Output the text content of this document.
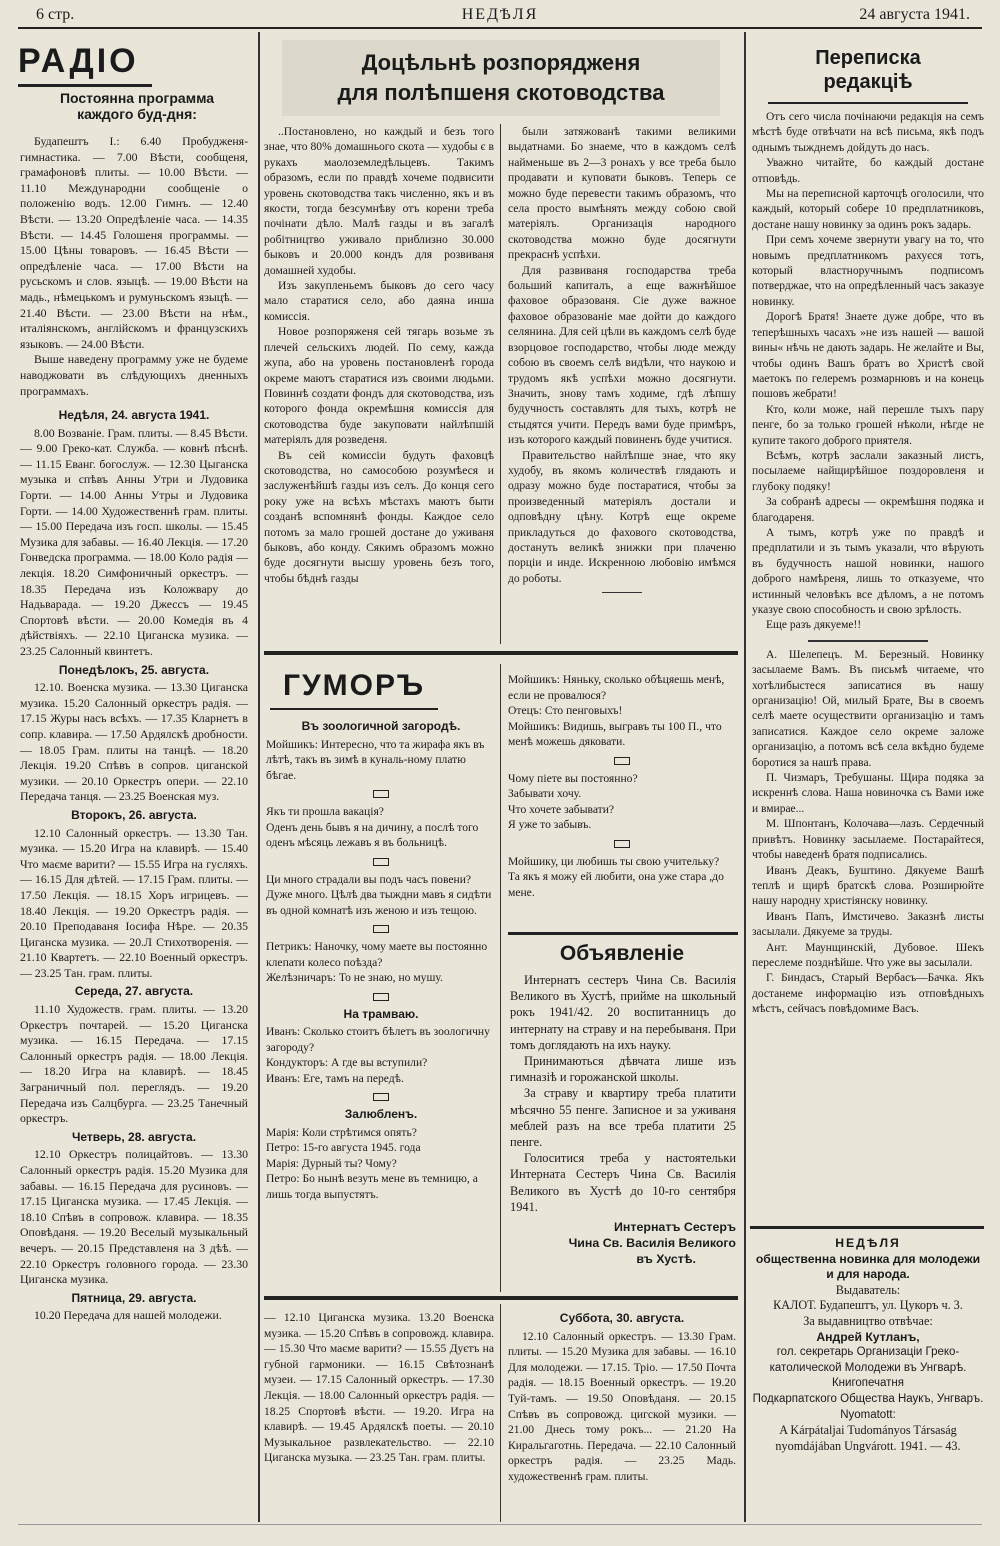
6 стр.	НЕДѢЛЯ	24 августа 1941.
РАДІО
Постоянна программа
каждого буд-дня:

Будапештъ I.: 6.40 Пробудженя-гимнастика. — 7.00 Вѣсти, сообщеня, грамафоновѣ плиты. — 10.00 Вѣсти. — 11.10 Международни сообщенiе о положенiю водъ. 12.00 Гимнъ. — 12.40 Вѣсти. — 13.20 Опредѣленiе часа. — 14.35 Вѣсти. — 14.45 Голошеня программы. — 15.00 Цѣны товаровъ. — 16.45 Вѣсти — опредѣленiе часа. — 17.00 Вѣсти на русьскомъ и слов. языцѣ. — 19.00 Вѣсти на мадь., нѣмецькомъ и румуньскомъ языцѣ. — 21.40 Вѣсти. — 23.00 Вѣсти на нѣм., италiянскомъ, англiйскомъ и французскихъ языковъ. — 24.00 Вѣсти.

Выше наведену программу уже не будеме наводжовати въ слѣдующихъ дненныхъ программахъ.

Недѣля, 24. августа 1941.

8.00 Возванiе. Грам. плиты. — 8.45 Вѣсти. — 9.00 Греко-кат. Служба. — ковнѣ пѣснѣ. — 11.15 Еванг. богослуж. — 12.30 Цыганска музыка и спѣвъ Анны Утри и Лудовика Горти. — 14.00 Анны Утры и Лудовика Горти. — 14.00 Художественнѣ грам. плиты. — 15.00 Передача изъ госп. школы. — 15.45 Музика для забавы. — 16.40 Лекція. — 17.20 Гонведска программа. — 18.00 Коло радія — лекція. 18.20 Симфоничный оркестръ. — 18.35 Передача изъ Коложвару до Надьварада. — 19.20 Джессъ — 19.45 Спортовѣ вѣсти. — 20.00 Комедія въ 4 дѣйствіяхъ. — 22.10 Циганска музика. — 23.25 Салонный квинтетъ.

Понедѣлокъ, 25. августа.

12.10. Военска музика. — 13.30 Циганска музика. 15.20 Салонный оркестръ радія. — 17.15 Журы насъ всѣхъ. — 17.35 Кларнетъ в сопр. клавира. — 17.50 Ардялскѣ дробности. — 18.05 Грам. плиты на танцѣ. — 18.20 Лекція. 19.20 Спѣвъ в сопров. циганской музики. — 20.10 Оркестръ опери. — 22.10 Передача танця. — 23.25 Военская муз.

Второкъ, 26. августа.

12.10 Салонный оркестръ. — 13.30 Тан. музика. — 15.20 Игра на клавирѣ. — 15.40 Что маєме варити? — 15.55 Игра на гусляхъ. — 16.15 Для дѣтей. — 17.15 Грам. плиты. — 17.50 Лекція. — 18.15 Хоръ игрицевъ. — 18.40 Лекція. — 19.20 Оркестръ радія. — 20.10 Преподаваня Іосифа Нѣре. — 20.35 Циганска музика. — 20.Л Стихотворенія. — 21.10 Квартетъ. — 22.10 Военный оркестръ. — 23.25 Тан. грам. плиты.

Середа, 27. августа.

11.10 Художеств. грам. плиты. — 13.20 Оркестръ почтарей. — 15.20 Циганска музика. — 16.15 Передача. — 17.15 Салонный оркестръ радія. — 18.00 Лекція. — 18.20 Игра на клавирѣ. — 18.45 Заграничный пол. переглядъ. — 19.20 Передача изъ Салцбурга. — 23.25 Танечный оркестръ.

Четверь, 28. августа.

12.10 Оркестръ полицайтовъ. — 13.30 Салонный оркестръ радія. 15.20 Музика для забавы. — 16.15 Передача для русиновъ. — 17.15 Циганска музика. — 17.45 Лекція. — 18.10 Спѣвъ в сопровож. клавира. — 18.35 Оповѣданя. — 19.20 Веселый музыкальный вечеръ. — 20.15 Представленя на 3 дѣѣ. — 22.10 Оркестръ головного города. — 23.30 Циганска музика.

Пятница, 29. августа.

10.20 Передача для нашей молодежи.

Доцѣльнѣ розпорядженя
для полѣпшеня скотоводства

..Постановлено, но каждый и безъ того знае, что 80% домашнього скота — худобы є в рукахъ маолоземледѣльцевъ. Такимъ образомъ, если по правдѣ хочеме подвисити уровень скотоводства такъ численно, якъ и въ якости, тогда безсумнѣву отъ корени треба почінати дѣло. Малѣ газды и въ загалѣ робітництво уживало приблизно 30.000 быковъ и 20.000 кондъ для розвиваня домашней худобы.

Изъ закупленьемъ быковъ до сего часу мало старатися село, або даяна инша комиссія.

Новое розпоряженя сей тягарь возьме зъ плечей сельскихъ людей. По сему, кажда жупа, або на уровень постановленѣ города окреме маютъ старатися изъ своими людьми. Повиннѣ создати фондъ для скотоводства, изъ которого фонда окремѣшня комиссія для скотоводства буде закуповати найлѣпшій матеріялъ для розведеня.

Въ сей комиссіи будуть фаховцѣ скотоводства, но самособою розумѣеся и заслуженѣйшѣ газды изъ селъ. До конця сего року уже на всѣхъ мѣстахъ маютъ быти созданѣ вспомнянѣ фонды. Каждое село потомъ за мало грошей достане до уживаня быковъ, або конду. Сякимъ образомъ можно буде досягнути высшу уровень безъ того, чтобы бѣднѣ газды

были затяжованѣ такими великими выдатнами. Бо знаеме, что в каждомъ селѣ найменьше въ 2—3 ронахъ у все треба было продавати и куповати быковъ. Теперь се можно буде перевести такимъ образомъ, что села просто вымѣнять между собою свой матеріялъ. Организація народного скотоводства можно буде досягнути прекраснѣ успѣхи.

Для развиваня господарства треба больший капиталъ, а еще важнѣйшое фаховое образованя. Сіе дуже важное фаховое образованіе мае дойти до каждого селянина. Для сей цѣли въ каждомъ селѣ буде взорцовое господарство, чтобы люде между собою въ своемъ селѣ видѣли, что наукою и трудомъ якѣ успѣхи можно досягнути. Значить, знову тамъ ходиме, гдѣ лѣпшу будучность составлять для тыхъ, котрѣ не стыдятся учити. Передъ вами буде примѣръ, изъ которого каждый повиненъ буде учитися.

Правительство найлѣпше знае, что яку худобу, въ якомъ количествѣ глядають и одразу можно буде постаратися, чтобы за произведенный матеріялъ достали и одповѣдну цѣну. Котрѣ еще окреме прикладуться до фахового скотоводства, достануть великѣ знижки при плаченю порціи и инде. Искренною любовію имѣмся до роботы.

ГУМОРЪ
Въ зоологичной загородѣ.

Мойшикъ: Интересно, что та жирафа якъ въ лѣтѣ, такъ въ зимѣ в куналь-ному платю бѣгае.

Якъ ти прошла вакація?

Оденъ день бывъ я на дичину, а послѣ того оденъ мѣсяць лежавъ я въ больницѣ.

Ци много страдали вы подъ часъ повени?

Дуже много. Цѣлѣ два тыждни мавъ я сидѣти въ одной комнатѣ изъ женою и изъ тещою.

Петрикъ: Наночку, чому маете вы постоянно клепати колесо поѣзда?

Желѣзничаръ: То не знаю, но мушу.

На трамваю.

Иванъ: Сколько стоитъ бѣлетъ въ зоологичну загороду?

Кондукторъ: А где вы вступили?

Иванъ: Еге, тамъ на передѣ.

Залюбленъ.

Марія: Коли стрѣтимся опять?

Петро: 15-го августа 1945. года

Марія: Дурный ты? Чому?

Петро: Бо нынѣ везуть мене въ темницю, а лишь тогда выпустятъ.

Мойшикъ: Няньку, сколько обѣцяешь менѣ, если не провалюся?

Отецъ: Сто пенговыхъ!

Мойшикъ: Видишь, выгравъ ты 100 П., что менѣ можешь дяковати.

Чому піете вы постоянно?

Забывати хочу.

Что хочете забывати?

Я уже то забывъ.

Мойшику, ци любишь ты свою учительку?

Та якъ я можу ей любити, она уже стара ,до мене.

Объявленіе

Интернатъ сестеръ Чина Св. Василія Великого въ Хустѣ, прийме на школьный рокъ 1941/42. 20 воспитанницъ до интернату на страву и на перебываня. При томъ доглядають на ихъ науку.

Принимаються дѣвчата лише изъ гимназіѣ и горожанской школы.

За страву и квартиру треба платити мѣсячно 55 пенге. Записное и за уживаня меблей разъ на все треба платити 25 пенге.

Голоситися треба у настоятельки Интерната Сестеръ Чина Св. Василія Великого въ Хустѣ до 10-го сентября 1941.

Интернатъ Сестеръ
Чина Св. Василія Великого
въ Хустѣ.

— 12.10 Циганска музика. 13.20 Военска музика. — 15.20 Спѣвъ в сопровожд. клавира. — 15.30 Что маєме варити? — 15.55 Дуєтъ на губной гармоники. — 16.15 Свѣтознанѣ музеи. — 17.15 Салонный оркестръ. — 17.30 Лекція. — 18.00 Салонный оркестръ радія. — 18.25 Спортовѣ вѣсти. — 19.20. Игра на клавирѣ. — 19.45 Ардялскѣ поеты. — 20.10 Музыкальное развлекательство. — 22.10 Циганска музыка. — 23.25 Тан. грам. плиты.

Суббота, 30. августа.

12.10 Салонный оркестръ. — 13.30 Грам. плиты. — 15.20 Музика для забавы. — 16.10 Для молодежи. — 17.15. Тріо. — 17.50 Почта радія. — 18.15 Военный оркестръ. — 19.20 Туй-тамъ. — 19.50 Оповѣданя. — 20.15 Спѣвъ въ сопровожд. цигской музики. — 21.00 Днесь тому рокъ... — 21.20 На Киральгаготнь. Передача. — 22.10 Салонный оркестръ радія. — 23.25 Мадь. художественнѣ грам. плиты.

Переписка
редакціѣ

Отъ сего числа почінаючи редакція на семъ мѣстѣ буде отвѣчати на всѣ письма, якѣ подъ однымъ тыжднемъ дойдуть до насъ.

Уважно читайте, бо каждый достане отповѣдь.

Мы на переписной карточцѣ оголосили, что каждый, который собере 10 предплатниковъ, достане нашу новинку за одинъ рокъ задарь.

При семъ хочеме звернути увагу на то, что новымъ предплатникомъ рахуєся тотъ, который властноручнымъ подписомъ потверджае, что на опредѣленный часъ заказуе новинку.

Дорогѣ Братя! Знаете дуже добре, что въ теперѣшныхъ часахъ »не изъ нашей — вашой вины« нѣчь не дають задарь. Не желайте и Вы, чтобы одинъ Вашъ братъ во Христѣ свой маетокъ по гелеремъ розмарнювъ и на конець пошовъ жебрати!

Кто, коли може, най перешле тыхъ пару пенге, бо за только грошей нѣколи, нѣгде не купите такого доброго приятеля.

Всѣмъ, котрѣ заслали заказный листъ, посылаеме найщирѣйшое поздоровленя и глубоку подяку!

За собранѣ адресы — окремѣшня подяка и благодареня.

А тымъ, котрѣ уже по правдѣ и предплатили и зъ тымъ указали, что вѣрують въ будучность нашой новинки, нашого доброго намѣреня, лишь то отказуеме, что истинный человѣкъ все дѣломъ, а не потомъ указуе свою способность и свою зрѣлость.

Еще разъ дякуеме!!

А. Шелепецъ. М. Березный. Новинку засылаеме Вамъ. Въ письмѣ читаеме, что хотѣлибыстеся записатися въ нашу организацію! Ой, милый Брате, Вы в своемъ селѣ маете осуществити организацію и тамъ записатися. Каждое село окреме заложе организацію, а потомъ всѣ села вкѣдно будеме боротися за нашѣ права.

П. Чизмаръ, Требушаны. Щира подяка за искреннѣ слова. Наша новиночка съ Вами иже и вмираe...

М. Шпонтанъ, Колочава—лазъ. Сердечный привѣтъ. Новинку засылаеме. Постарайтеся, чтобы наведенѣ братя подписались.

Иванъ Деакъ, Буштино. Дякуеме Вашѣ теплѣ и щирѣ братскѣ слова. Розширюйте нашу народну христіянску новинку.

Иванъ Папъ, Имстичево. Заказнѣ листы засылали. Дякуеме за труды.

Ант. Маунщинскій, Дубовое. Шекъ переслеме позднѣйше. Что уже вы засылали.

Г. Биндасъ, Старый Вербасъ—Бачка. Якъ достанеме информацію изъ отповѣдныхъ мѣстъ, сейчасъ повѣдомиме Васъ.

НЕДѢЛЯ
общественна новинка для молодежи и для народа.
Выдаватель:
КАЛОТ. Будапештъ, ул. Цукоръ ч. 3.
За выдавництво отвѣчае:
Андрей Кутланъ,
гол. секретарь Организаціи Греко-католической Молодежи въ Унгварѣ.
Книгопечатня
Подкарпатского Общества Наукъ, Унгваръ.
Nyomatott:
A Kárpátaljai Tudományos Társaság nyomdájában Ungvárott. 1941. — 43.
